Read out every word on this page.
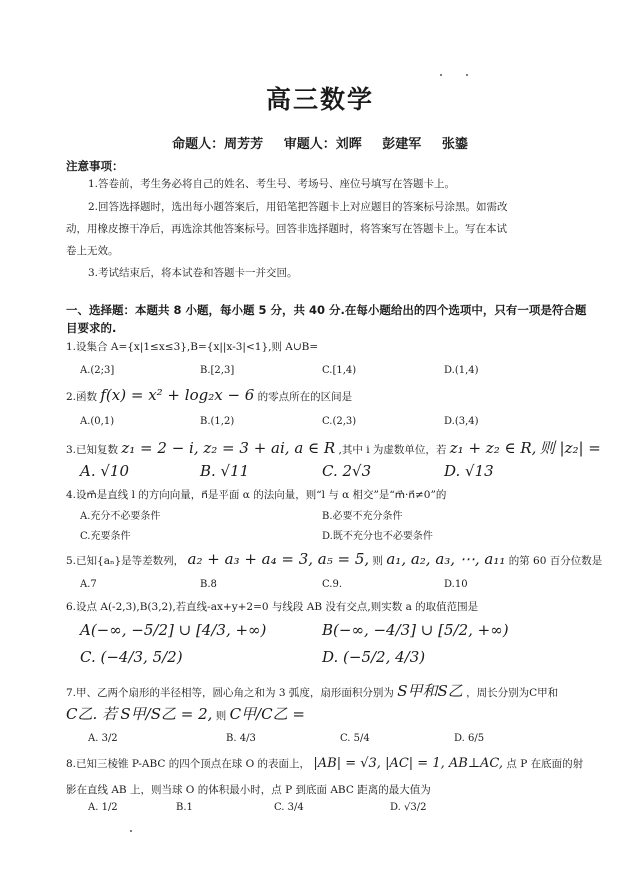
高三数学
命题人：周芳芳 审题人：刘晖 彭建军 张鎏
注意事项：
1.答卷前，考生务必将自己的姓名、考生号、考场号、座位号填写在答题卡上。
2.回答选择题时，选出每小题答案后，用铅笔把答题卡上对应题目的答案标号涂黑。如需改
动，用橡皮擦干净后，再选涂其他答案标号。回答非选择题时，将答案写在答题卡上。写在本试
卷上无效。
3.考试结束后，将本试卷和答题卡一并交回。
一、选择题：本题共 8 小题，每小题 5 分，共 40 分.在每小题给出的四个选项中，只有一项是符合题
目要求的.
1.设集合 A={x|1≤x≤3},B={x||x-3|<1},则 A∪B=
A.(2;3]	B.[2,3]	C.[1,4)	D.(1,4)
2.函数 f(x) = x² + log₂x − 6 的零点所在的区间是
A.(0,1)	B.(1,2)	C.(2,3)	D.(3,4)
3.已知复数 z₁ = 2 − i, z₂ = 3 + ai, a ∈ R ,其中 i 为虚数单位，若 z₁ + z₂ ∈ R, 则 |z₂| =
A. √10	B. √11	C. 2√3	D. √13
4.设m⃗是直线 l 的方向向量，n⃗是平面 α 的法向量，则“l 与 α 相交”是“m⃗·n⃗≠0”的
A.充分不必要条件	B.必要不充分条件
C.充要条件	D.既不充分也不必要条件
5.已知{aₙ}是等差数列， a₂ + a₃ + a₄ = 3, a₅ = 5, 则 a₁, a₂, a₃, ⋯, a₁₁ 的第 60 百分位数是
A.7	B.8	C.9.	D.10
6.设点 A(-2,3),B(3,2),若直线-ax+y+2=0 与线段 AB 没有交点,则实数 a 的取值范围是
A(−∞, −5/2] ∪ [4/3, +∞)	B(−∞, −4/3] ∪ [5/2, +∞)
C. (−4/3, 5/2)	D. (−5/2, 4/3)
7.甲、乙两个扇形的半径相等，圆心角之和为 3 弧度，扇形面积分别为 S甲和S乙 ，周长分别为C甲和
C乙. 若 S甲/S乙 = 2, 则 C甲/C乙 =
A. 3/2	B. 4/3	C. 5/4	D. 6/5
8.已知三棱锥 P-ABC 的四个顶点在球 O 的表面上， |AB| = √3, |AC| = 1, AB⊥AC, 点 P 在底面的射
影在直线 AB 上，则当球 O 的体积最小时，点 P 到底面 ABC 距离的最大值为
A. 1/2	B.1	C. 3/4	D. √3/2
